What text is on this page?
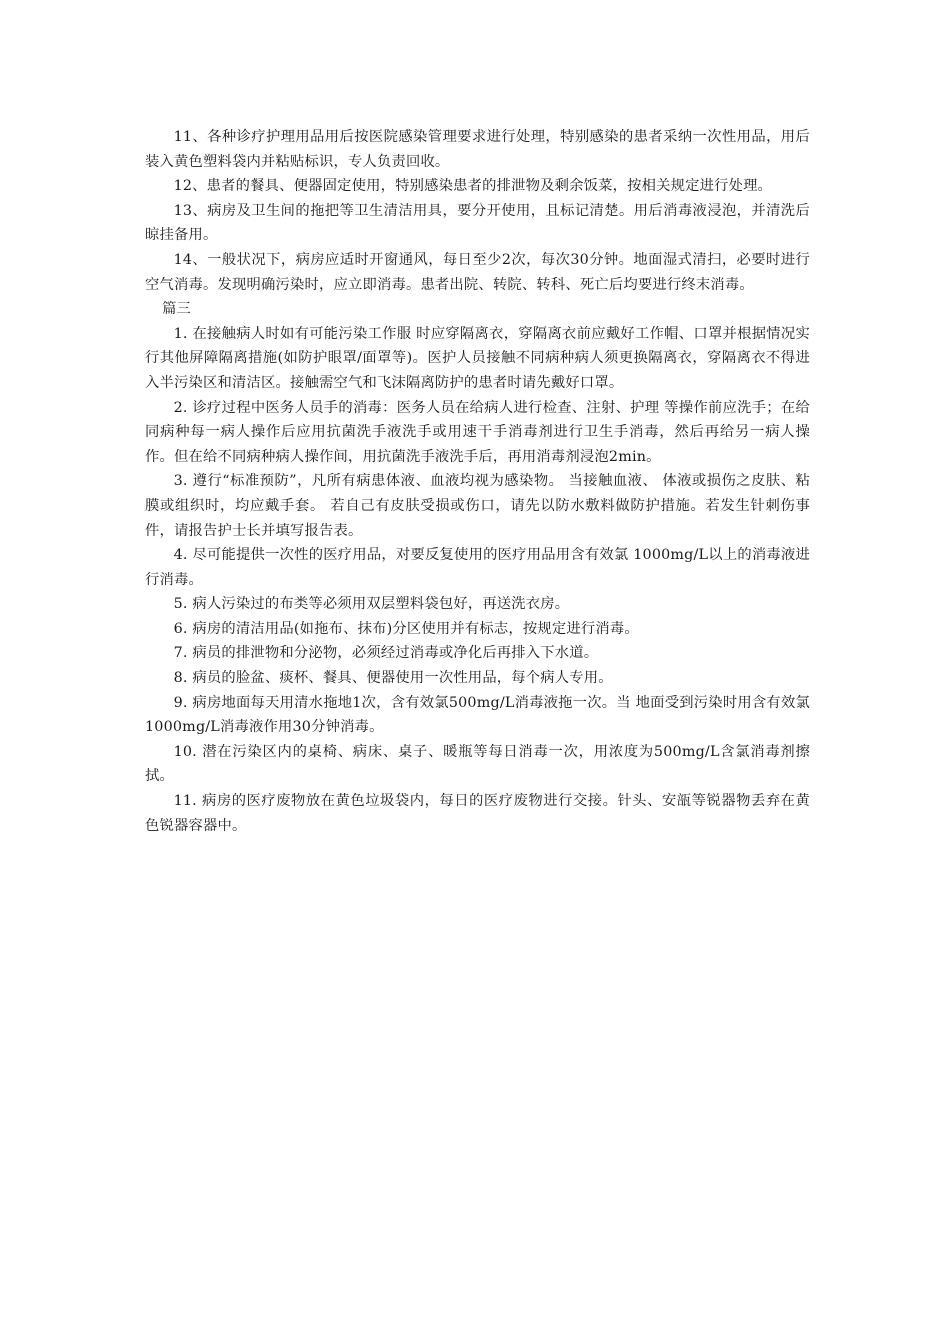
11、各种诊疗护理用品用后按医院感染管理要求进行处理，特别感染的患者采纳一次性用品，用后装入黄色塑料袋内并粘贴标识，专人负责回收。

12、患者的餐具、便器固定使用，特别感染患者的排泄物及剩余饭菜，按相关规定进行处理。

13、病房及卫生间的拖把等卫生清洁用具，要分开使用，且标记清楚。用后消毒液浸泡，并清洗后晾挂备用。

14、一般状况下，病房应适时开窗通风，每日至少2次，每次30分钟。地面湿式清扫，必要时进行空气消毒。发现明确污染时，应立即消毒。患者出院、转院、转科、死亡后均要进行终末消毒。

篇三

1. 在接触病人时如有可能污染工作服 时应穿隔离衣，穿隔离衣前应戴好工作帽、口罩并根据情况实行其他屏障隔离措施(如防护眼罩/面罩等)。医护人员接触不同病种病人须更换隔离衣，穿隔离衣不得进入半污染区和清洁区。接触需空气和飞沫隔离防护的患者时请先戴好口罩。

2. 诊疗过程中医务人员手的消毒：医务人员在给病人进行检查、注射、护理 等操作前应洗手；在给同病种每一病人操作后应用抗菌洗手液洗手或用速干手消毒剂进行卫生手消毒，然后再给另一病人操作。但在给不同病种病人操作间，用抗菌洗手液洗手后，再用消毒剂浸泡2min。

3. 遵行“标准预防”，凡所有病患体液、血液均视为感染物。 当接触血液、 体液或损伤之皮肤、粘膜或组织时，均应戴手套。 若自己有皮肤受损或伤口，请先以防水敷料做防护措施。若发生针刺伤事件，请报告护士长并填写报告表。

4. 尽可能提供一次性的医疗用品，对要反复使用的医疗用品用含有效氯 1000mg/L以上的消毒液进行消毒。

5. 病人污染过的布类等必须用双层塑料袋包好，再送洗衣房。

6. 病房的清洁用品(如拖布、抹布)分区使用并有标志，按规定进行消毒。

7. 病员的排泄物和分泌物，必须经过消毒或净化后再排入下水道。

8. 病员的脸盆、痰杯、餐具、便器使用一次性用品，每个病人专用。

9. 病房地面每天用清水拖地1次，含有效氯500mg/L消毒液拖一次。当 地面受到污染时用含有效氯1000mg/L消毒液作用30分钟消毒。

10. 潜在污染区内的桌椅、病床、桌子、暖瓶等每日消毒一次，用浓度为500mg/L含氯消毒剂擦拭。

11. 病房的医疗废物放在黄色垃圾袋内，每日的医疗废物进行交接。针头、安瓿等锐器物丢弃在黄色锐器容器中。
